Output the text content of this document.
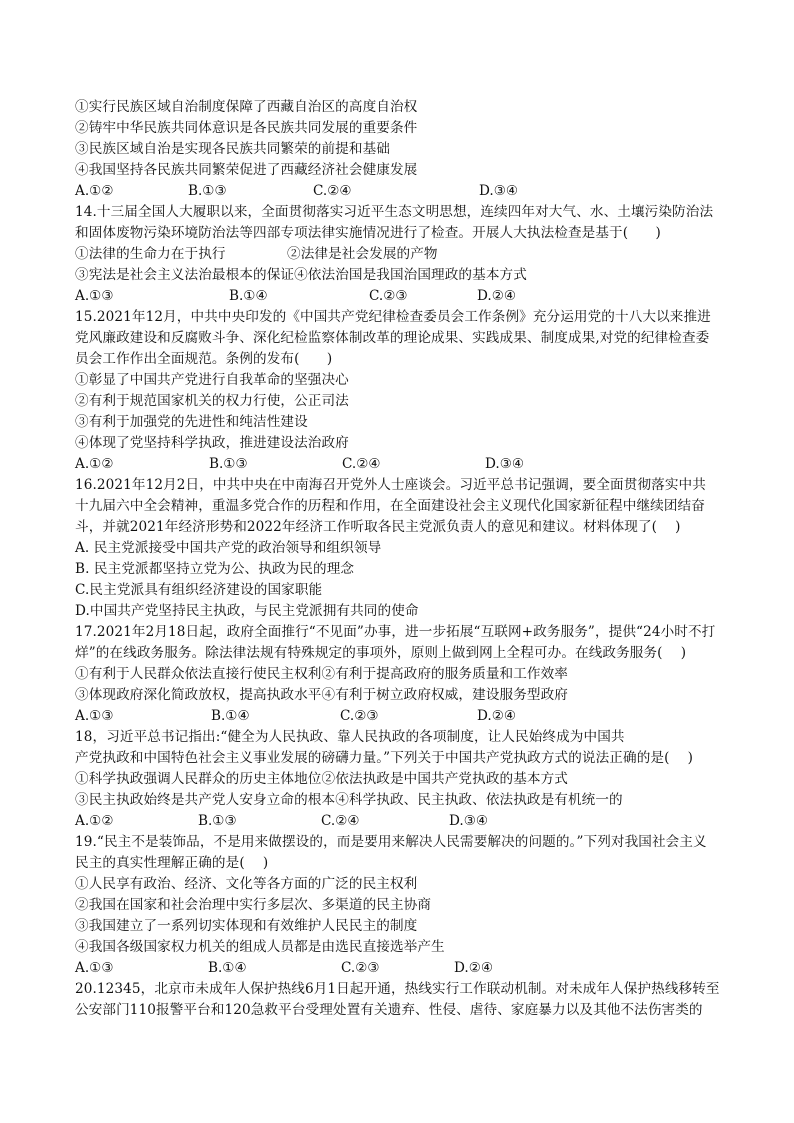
①实行民族区域自治制度保障了西藏自治区的高度自治权
②铸牢中华民族共同体意识是各民族共同发展的重要条件
③民族区域自治是实现各民族共同繁荣的前提和基础
④我国坚持各民族共同繁荣促进了西藏经济社会健康发展
A.①②	B.①③	C.②④	D.③④
14.十三届全国人大履职以来，全面贯彻落实习近平生态文明思想，连续四年对大气、水、土壤污染防治法
和固体废物污染环境防治法等四部专项法律实施情况进行了检查。开展人大执法检查是基于(　　)
①法律的生命力在于执行	②法律是社会发展的产物
③宪法是社会主义法治最根本的保证④依法治国是我国治国理政的基本方式
A.①③	B.①④	C.②③	D.②④
15.2021年12月，中共中央印发的《中国共产党纪律检查委员会工作条例》充分运用党的十八大以来推进
党风廉政建设和反腐败斗争、深化纪检监察体制改革的理论成果、实践成果、制度成果,对党的纪律检查委
员会工作作出全面规范。条例的发布(　　)
①彰显了中国共产党进行自我革命的坚强决心
②有利于规范国家机关的权力行使，公正司法
③有利于加强党的先进性和纯洁性建设
④体现了党坚持科学执政，推进建设法治政府
A.①②	B.①③	C.②④	D.③④
16.2021年12月2日，中共中央在中南海召开党外人士座谈会。习近平总书记强调，要全面贯彻落实中共
十九届六中全会精神，重温多党合作的历程和作用，在全面建设社会主义现代化国家新征程中继续团结奋
斗，并就2021年经济形势和2022年经济工作听取各民主党派负责人的意见和建议。材料体现了(　 )
A. 民主党派接受中国共产党的政治领导和组织领导
B. 民主党派都坚持立党为公、执政为民的理念
C.民主党派具有组织经济建设的国家职能
D.中国共产党坚持民主执政，与民主党派拥有共同的使命
17.2021年2月18日起，政府全面推行“不见面”办事，进一步拓展“互联网+政务服务”，提供“24小时不打
烊”的在线政务服务。除法律法规有特殊规定的事项外，原则上做到网上全程可办。在线政务服务(　 )
①有利于人民群众依法直接行使民主权利②有利于提高政府的服务质量和工作效率
③体现政府深化简政放权，提高执政水平④有利于树立政府权威，建设服务型政府
A.①③	B.①④	C.②③	D.②④
18，习近平总书记指出:“健全为人民执政、靠人民执政的各项制度，让人民始终成为中国共
产党执政和中国特色社会主义事业发展的磅礴力量。”下列关于中国共产党执政方式的说法正确的是(　 )
①科学执政强调人民群众的历史主体地位②依法执政是中国共产党执政的基本方式
③民主执政始终是共产党人安身立命的根本④科学执政、民主执政、依法执政是有机统一的
A.①②	B.①③	C.②④	D.③④
19.“民主不是装饰品，不是用来做摆设的，而是要用来解决人民需要解决的问题的。”下列对我国社会主义
民主的真实性理解正确的是(　 )
①人民享有政治、经济、文化等各方面的广泛的民主权利
②我国在国家和社会治理中实行多层次、多渠道的民主协商
③我国建立了一系列切实体现和有效维护人民民主的制度
④我国各级国家权力机关的组成人员都是由选民直接选举产生
A.①③	B.①④	C.②③	D.②④
20.12345，北京市未成年人保护热线6月1日起开通，热线实行工作联动机制。对未成年人保护热线移转至
公安部门110报警平台和120急救平台受理处置有关遗弃、性侵、虐待、家庭暴力以及其他不法伤害类的
